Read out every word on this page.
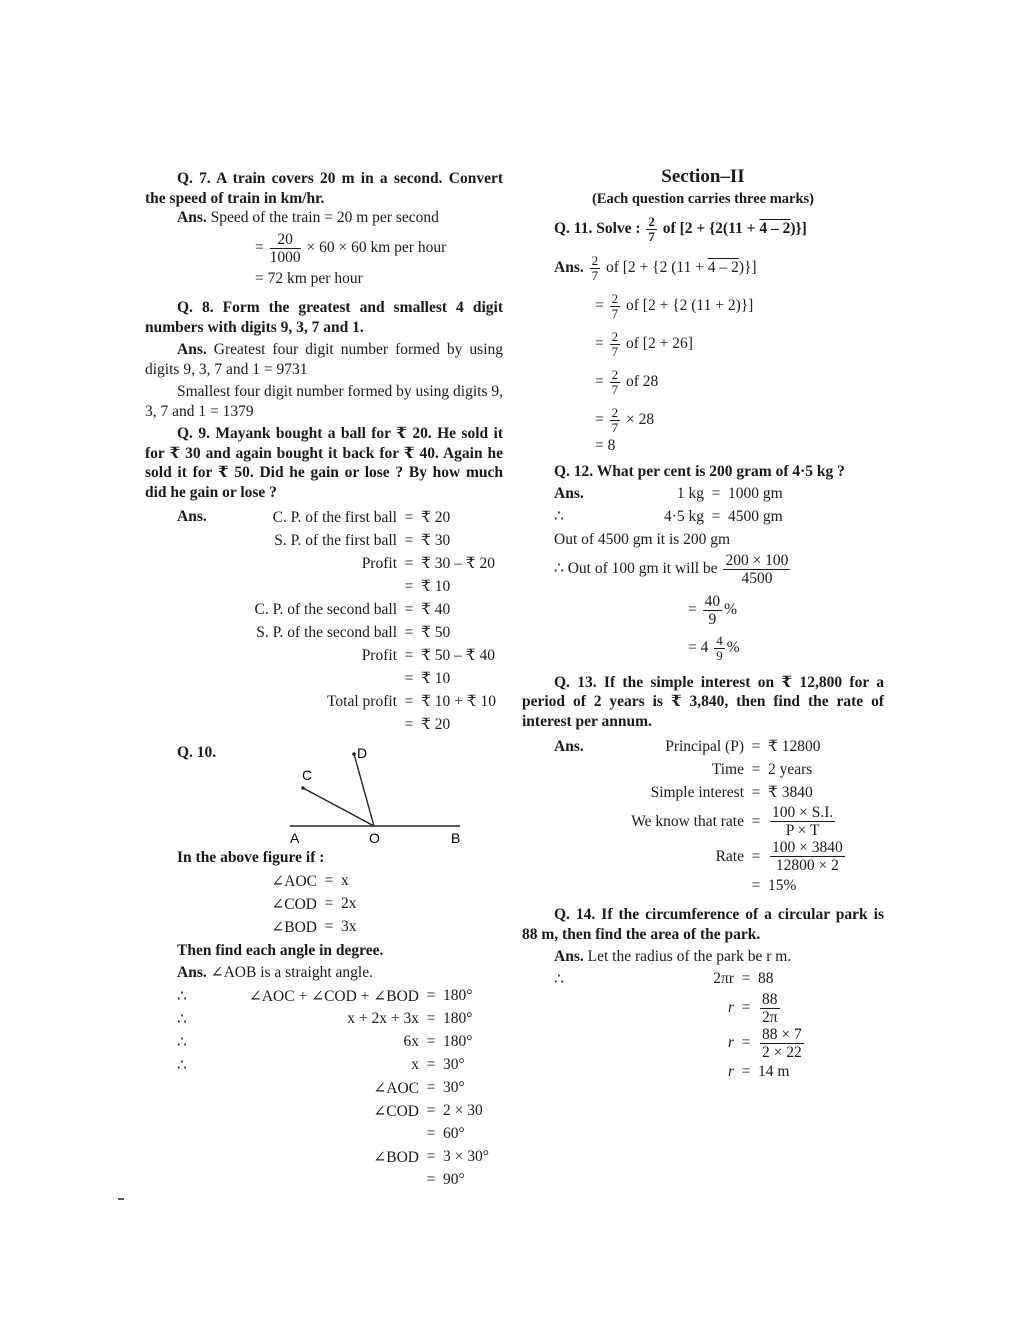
Q. 7. A train covers 20 m in a second. Convert the speed of train in km/hr.

Ans. Speed of the train = 20 m per second

= $\frac{20}{1000} \times 60 \times 60$ km per hour

= 72 km per hour

Q. 8. Form the greatest and smallest 4 digit numbers with digits 9, 3, 7 and 1.

Ans. Greatest four digit number formed by using digits 9, 3, 7 and 1 = 9731

Smallest four digit number formed by using digits 9, 3, 7 and 1 = 1379

Q. 9. Mayank bought a ball for ₹ 20. He sold it for ₹ 30 and again bought it back for ₹ 40. Again he sold it for ₹ 50. Did he gain or lose ? By how much did he gain or lose ?

Ans.	C. P. of the first ball	=	₹ 20
S. P. of the first ball	=	₹ 30
Profit	=	₹ 30 – ₹ 20
	=	₹ 10
C. P. of the second ball	=	₹ 40
S. P. of the second ball	=	₹ 50
Profit	=	₹ 50 – ₹ 40
	=	₹ 10
Total profit	=	₹ 10 + ₹ 10
	=	₹ 20
Q. 10.
A	O	B
C
D

In the above figure if :

∠AOC	=	x
∠COD	=	2x
∠BOD	=	3x

Then find each angle in degree.

Ans. ∠AOB is a straight angle.

∴	∠AOC + ∠COD + ∠BOD	=	180°
∴	x + 2x + 3x	=	180°
∴	6x	=	180°
∴	x	=	30°
	∠AOC	=	30°
	∠COD	=	2 × 30
		=	60°
	∠BOD	=	3 × 30°
		=	90°

Section–II

(Each question carries three marks)

Q. 11. Solve : $\frac{2}{7}$ of [2 + {2(11 + 4 – 2)}]
Ans. $\frac{2}{7}$ of [2 + {2 (11 + 4 – 2)}]
= $\frac{2}{7}$ of [2 + {2 (11 + 2)}]
= $\frac{2}{7}$ of [2 + 26]
= $\frac{2}{7}$ of 28
= $\frac{2}{7} \times 28$

= 8

Q. 12. What per cent is 200 gram of 4·5 kg ?

Ans.	1 kg	=	1000 gm
∴	4·5 kg	=	4500 gm

Out of 4500 gm it is 200 gm

∴ Out of 100 gm it will be $\frac{200 \times 100}{4500}$
= $\frac{40}{9}$ %
= $4 \frac{4}{9}$ %

Q. 13. If the simple interest on ₹ 12,800 for a period of 2 years is ₹ 3,840, then find the rate of interest per annum.

Ans.	Principal (P)	=	₹ 12800
	Time	=	2 years
	Simple interest	=	₹ 3840
	We know that rate	=	$\frac{100 \times S.I.}{P \times T}$

	Rate	=	$\frac{100 \times 3840}{12800 \times 2}$

		=	15%

Q. 14. If the circumference of a circular park is 88 m, then find the area of the park.

Ans. Let the radius of the park be r m.

∴	2πr	=	88
	r	=	$\frac{88}{2\pi}$

	r	=	$\frac{88 \times 7}{2 \times 22}$

	r	=	14 m
